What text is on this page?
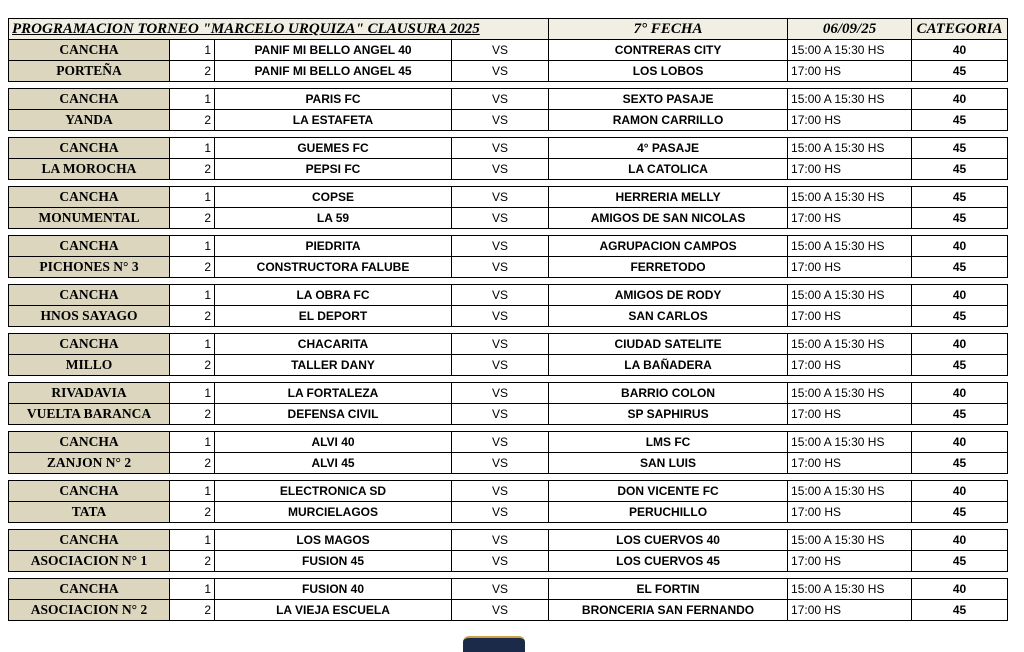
PROGRAMACION TORNEO "MARCELO URQUIZA" CLAUSURA 2025				7° FECHA	06/09/25	CATEGORIA
CANCHA	1	PANIF MI BELLO ANGEL 40	VS	CONTRERAS CITY	15:00 A 15:30 HS	40
PORTEÑA	2	PANIF MI BELLO ANGEL 45	VS	LOS LOBOS	17:00 HS	45

CANCHA	1	PARIS FC	VS	SEXTO PASAJE	15:00 A 15:30 HS	40
YANDA	2	LA ESTAFETA	VS	RAMON CARRILLO	17:00 HS	45

CANCHA	1	GUEMES FC	VS	4° PASAJE	15:00 A 15:30 HS	45
LA MOROCHA	2	PEPSI FC	VS	LA CATOLICA	17:00 HS	45

CANCHA	1	COPSE	VS	HERRERIA MELLY	15:00 A 15:30 HS	45
MONUMENTAL	2	LA 59	VS	AMIGOS DE SAN NICOLAS	17:00 HS	45

CANCHA	1	PIEDRITA	VS	AGRUPACION CAMPOS	15:00 A 15:30 HS	40
PICHONES N° 3	2	CONSTRUCTORA FALUBE	VS	FERRETODO	17:00 HS	45

CANCHA	1	LA OBRA FC	VS	AMIGOS DE RODY	15:00 A 15:30 HS	40
HNOS SAYAGO	2	EL DEPORT	VS	SAN CARLOS	17:00 HS	45

CANCHA	1	CHACARITA	VS	CIUDAD SATELITE	15:00 A 15:30 HS	40
MILLO	2	TALLER DANY	VS	LA BAÑADERA	17:00 HS	45

RIVADAVIA	1	LA FORTALEZA	VS	BARRIO COLON	15:00 A 15:30 HS	40
VUELTA BARANCA	2	DEFENSA CIVIL	VS	SP SAPHIRUS	17:00 HS	45

CANCHA	1	ALVI 40	VS	LMS FC	15:00 A 15:30 HS	40
ZANJON N° 2	2	ALVI 45	VS	SAN LUIS	17:00 HS	45

CANCHA	1	ELECTRONICA SD	VS	DON VICENTE FC	15:00 A 15:30 HS	40
TATA	2	MURCIELAGOS	VS	PERUCHILLO	17:00 HS	45

CANCHA	1	LOS MAGOS	VS	LOS CUERVOS 40	15:00 A 15:30 HS	40
ASOCIACION N° 1	2	FUSION 45	VS	LOS CUERVOS 45	17:00 HS	45

CANCHA	1	FUSION 40	VS	EL FORTIN	15:00 A 15:30 HS	40
ASOCIACION N° 2	2	LA VIEJA ESCUELA	VS	BRONCERIA SAN FERNANDO	17:00 HS	45
